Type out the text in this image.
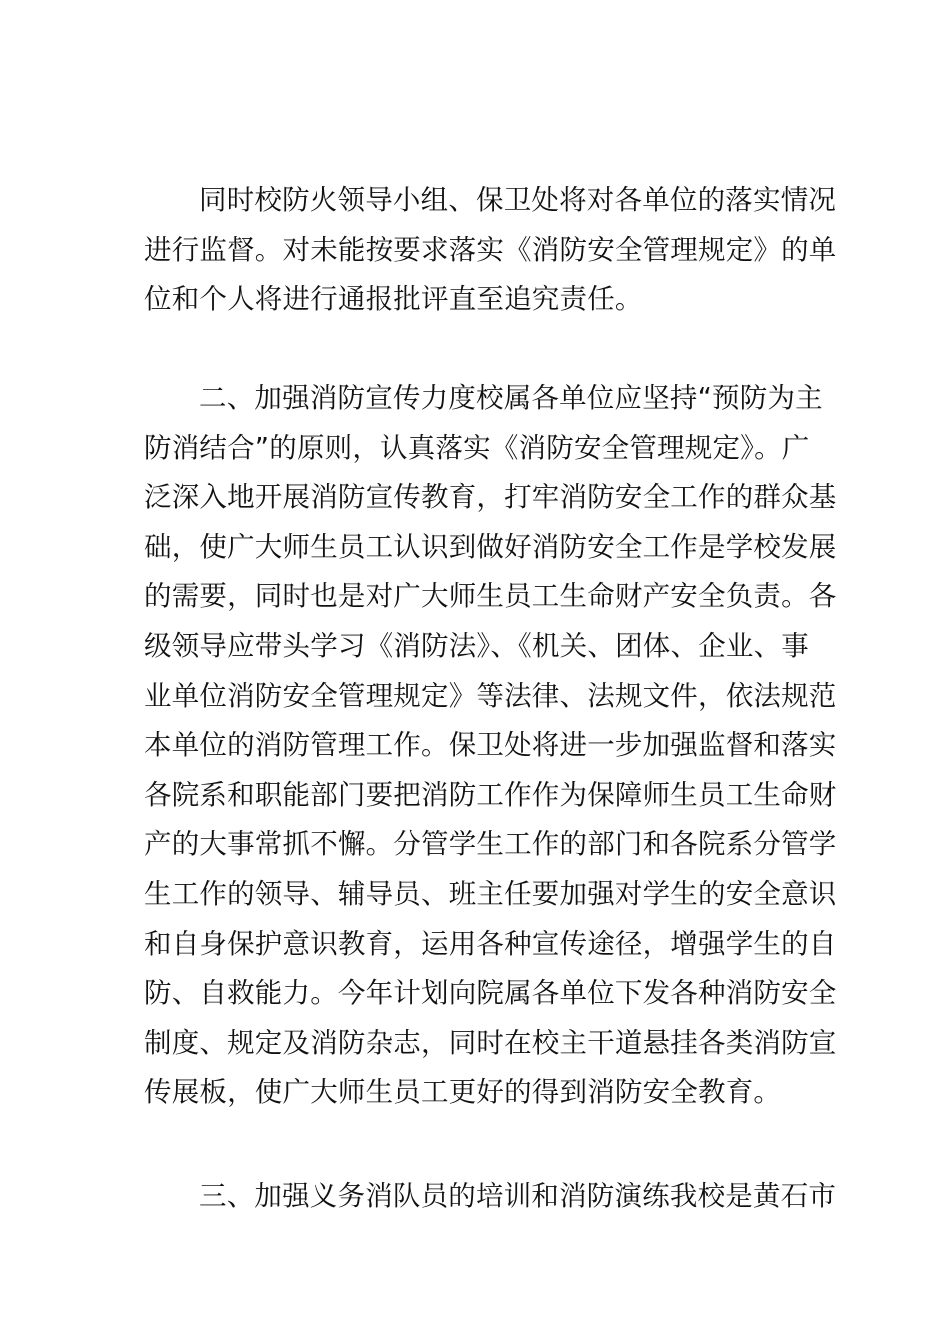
同时校防火领导小组、保卫处将对各单位的落实情况
进行监督。对未能按要求落实《消防安全管理规定》的单
位和个人将进行通报批评直至追究责任。
二、加强消防宣传力度校属各单位应坚持“预防为主
防消结合”的原则，认真落实《消防安全管理规定》。广
泛深入地开展消防宣传教育，打牢消防安全工作的群众基
础，使广大师生员工认识到做好消防安全工作是学校发展
的需要，同时也是对广大师生员工生命财产安全负责。各
级领导应带头学习《消防法》、《机关、团体、企业、事
业单位消防安全管理规定》等法律、法规文件，依法规范
本单位的消防管理工作。保卫处将进一步加强监督和落实
各院系和职能部门要把消防工作作为保障师生员工生命财
产的大事常抓不懈。分管学生工作的部门和各院系分管学
生工作的领导、辅导员、班主任要加强对学生的安全意识
和自身保护意识教育，运用各种宣传途径，增强学生的自
防、自救能力。今年计划向院属各单位下发各种消防安全
制度、规定及消防杂志，同时在校主干道悬挂各类消防宣
传展板，使广大师生员工更好的得到消防安全教育。
三、加强义务消队员的培训和消防演练我校是黄石市
